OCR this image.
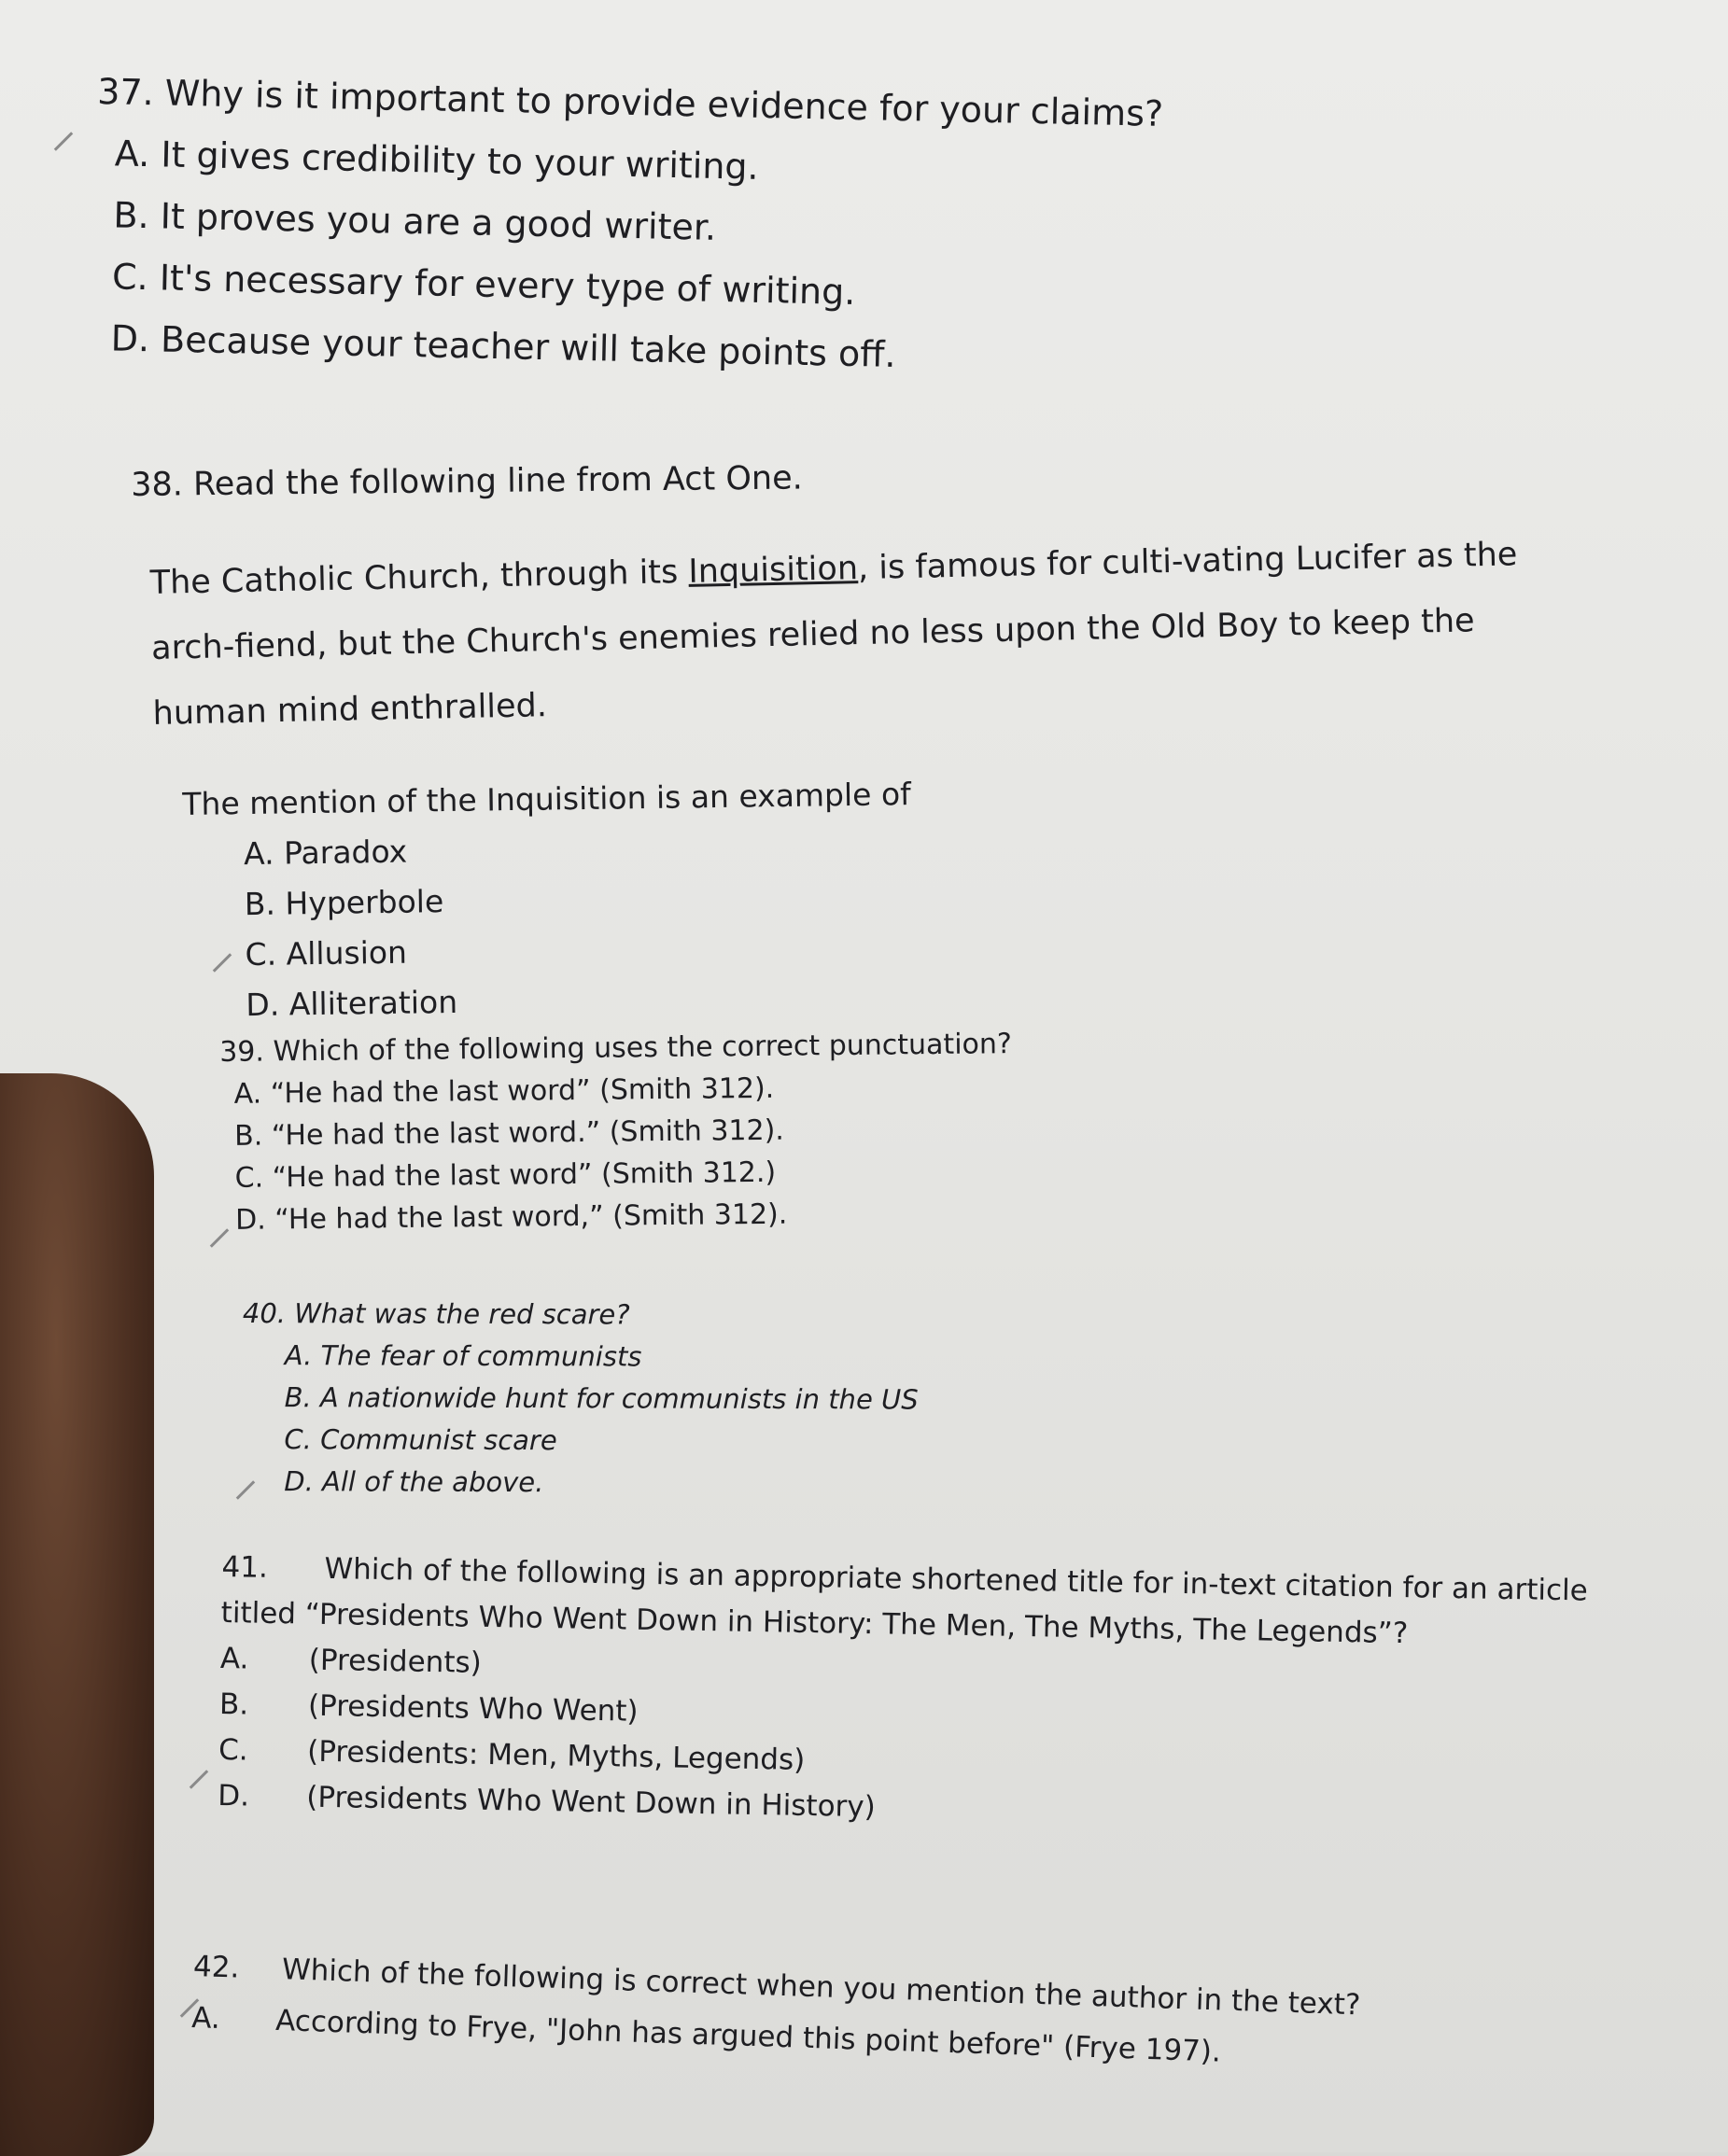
37. Why is it important to provide evidence for your claims?
A. It gives credibility to your writing.
B. It proves you are a good writer.
C. It's necessary for every type of writing.
D. Because your teacher will take points off.
38. Read the following line from Act One.
The Catholic Church, through its Inquisition, is famous for culti-vating Lucifer as the arch-fiend, but the Church's enemies relied no less upon the Old Boy to keep the human mind enthralled.
The mention of the Inquisition is an example of
A. Paradox
B. Hyperbole
C. Allusion
D. Alliteration
39. Which of the following uses the correct punctuation?
A. “He had the last word” (Smith 312).
B. “He had the last word.” (Smith 312).
C. “He had the last word” (Smith 312.)
D. “He had the last word,” (Smith 312).
40. What was the red scare?
A. The fear of communists
B. A nationwide hunt for communists in the US
C. Communist scare
D. All of the above.
41. Which of the following is an appropriate shortened title for in-text citation for an article
titled “Presidents Who Went Down in History: The Men, The Myths, The Legends”?
A. (Presidents)
B. (Presidents Who Went)
C. (Presidents: Men, Myths, Legends)
D. (Presidents Who Went Down in History)
42. Which of the following is correct when you mention the author in the text?
A. According to Frye, "John has argued this point before" (Frye 197).
